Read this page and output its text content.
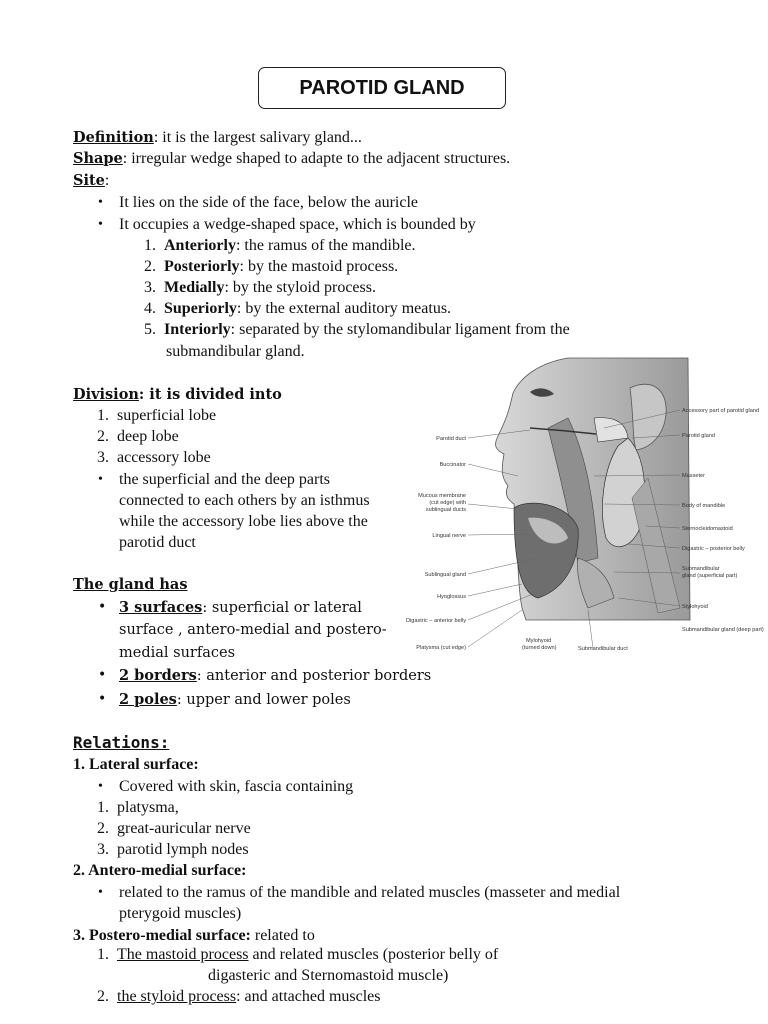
PAROTID GLAND
Definition: it is the largest salivary gland...
Shape: irregular wedge shaped to adapte to the adjacent structures.
Site:
• It lies on the side of the face, below the auricle
• It occupies a wedge-shaped space, which is bounded by
1. Anteriorly: the ramus of the mandible.
2. Posteriorly: by the mastoid process.
3. Medially: by the styloid process.
4. Superiorly: by the external auditory meatus.
5. Interiorly: separated by the stylomandibular ligament from the
submandibular gland.
Division: it is divided into
1. superficial lobe
2. deep lobe
3. accessory lobe
• the superficial and the deep parts
connected to each others by an isthmus
while the accessory lobe lies above the
parotid duct
The gland has
• 3 surfaces: superficial or lateral
surface , antero-medial and postero-
medial surfaces
• 2 borders: anterior and posterior borders
• 2 poles: upper and lower poles
Relations:
1. Lateral surface:
• Covered with skin, fascia containing
1. platysma,
2. great-auricular nerve
3. parotid lymph nodes
2. Antero-medial surface:
• related to the ramus of the mandible and related muscles (masseter and medial
pterygoid muscles)
3. Postero-medial surface: related to
1. The mastoid process and related muscles (posterior belly of
digasteric and Sternomastoid muscle)
2. the styloid process: and attached muscles
Parotid duct
Buccinator
Mucous membrane
(cut edge) with
sublingual ducts
Lingual nerve
Sublingual gland
Hyoglossus
Digastric – anterior belly
Platysma (cut edge)
Accessory part of parotid gland
Parotid gland
Masseter
Body of mandible
Sternocleidomastoid
Digastric – posterior belly
Submandibular
gland (superficial part)
Stylohyoid
Submandibular gland (deep part)
Mylohyoid
(turned down)	Submandibular duct
